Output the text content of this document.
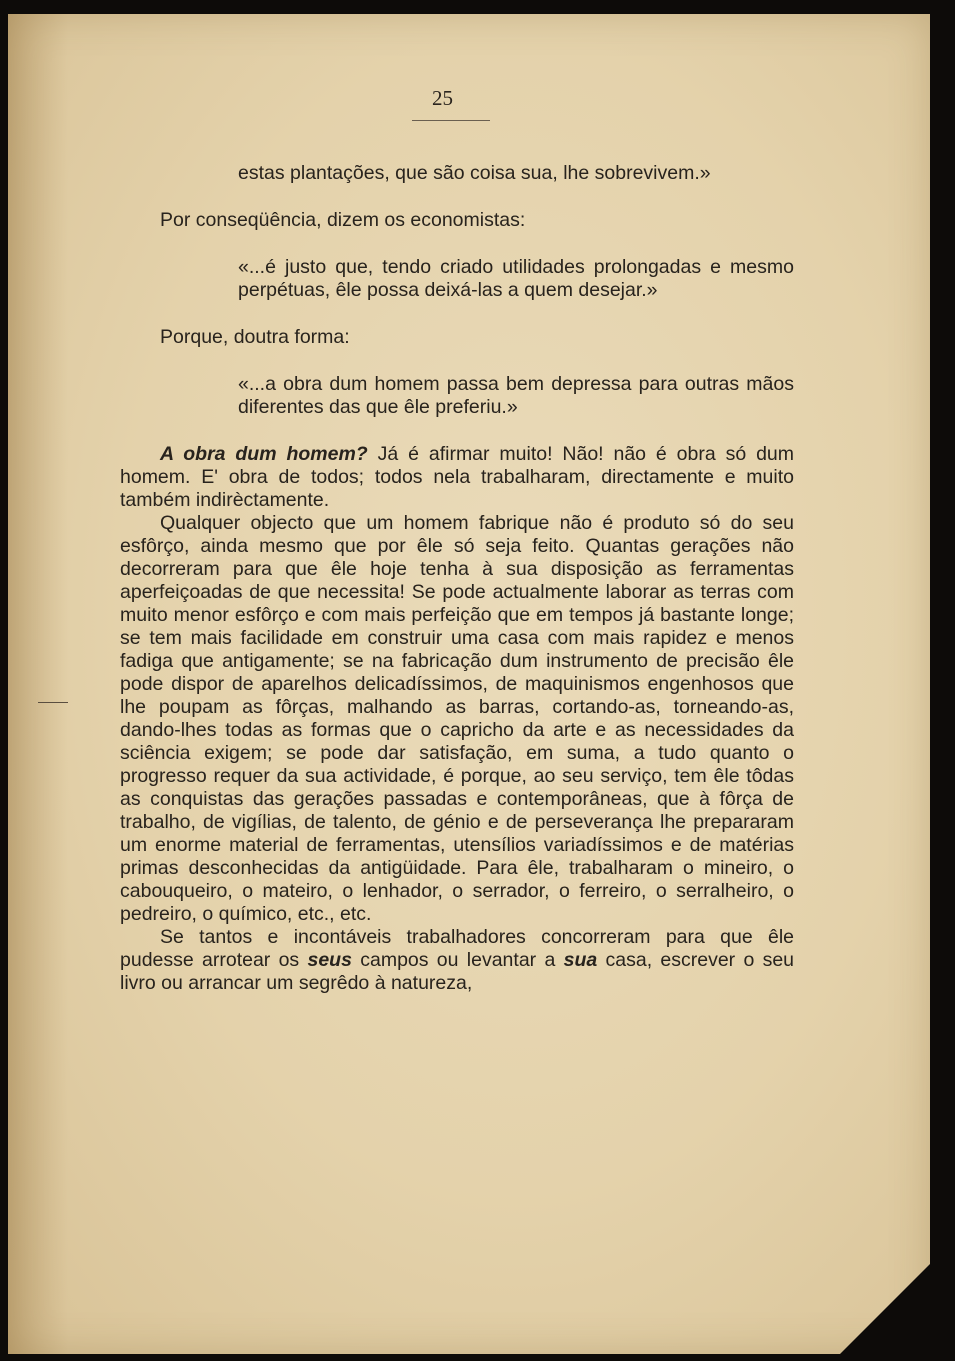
25

estas plantações, que são coisa sua, lhe sobrevivem.»

Por conseqüência, dizem os economistas:

«...é justo que, tendo criado utilidades prolongadas e mesmo perpétuas, êle possa deixá-las a quem desejar.»

Porque, doutra forma:

«...a obra dum homem passa bem depressa para outras mãos diferentes das que êle preferiu.»

A obra dum homem? Já é afirmar muito! Não! não é obra só dum homem. E' obra de todos; todos nela trabalharam, directamente e muito também indirèctamente.

Qualquer objecto que um homem fabrique não é produto só do seu esfôrço, ainda mesmo que por êle só seja feito. Quantas gerações não decorreram para que êle hoje tenha à sua disposição as ferramentas aperfeiçoadas de que necessita! Se pode actualmente laborar as terras com muito menor esfôrço e com mais perfeição que em tempos já bastante longe; se tem mais facilidade em construir uma casa com mais rapidez e menos fadiga que antigamente; se na fabricação dum instrumento de precisão êle pode dispor de aparelhos delicadíssimos, de maquinismos engenhosos que lhe poupam as fôrças, malhando as barras, cortando-as, torneando-as, dando-lhes todas as formas que o capricho da arte e as necessidades da sciência exigem; se pode dar satisfação, em suma, a tudo quanto o progresso requer da sua actividade, é porque, ao seu serviço, tem êle tôdas as conquistas das gerações passadas e contemporâneas, que à fôrça de trabalho, de vigílias, de talento, de génio e de perseverança lhe prepararam um enorme material de ferramentas, utensílios variadíssimos e de matérias primas desconhecidas da antigüidade. Para êle, trabalharam o mineiro, o cabouqueiro, o mateiro, o lenhador, o serrador, o ferreiro, o serralheiro, o pedreiro, o químico, etc., etc.

Se tantos e incontáveis trabalhadores concorreram para que êle pudesse arrotear os seus campos ou levantar a sua casa, escrever o seu livro ou arrancar um segrêdo à natureza,
